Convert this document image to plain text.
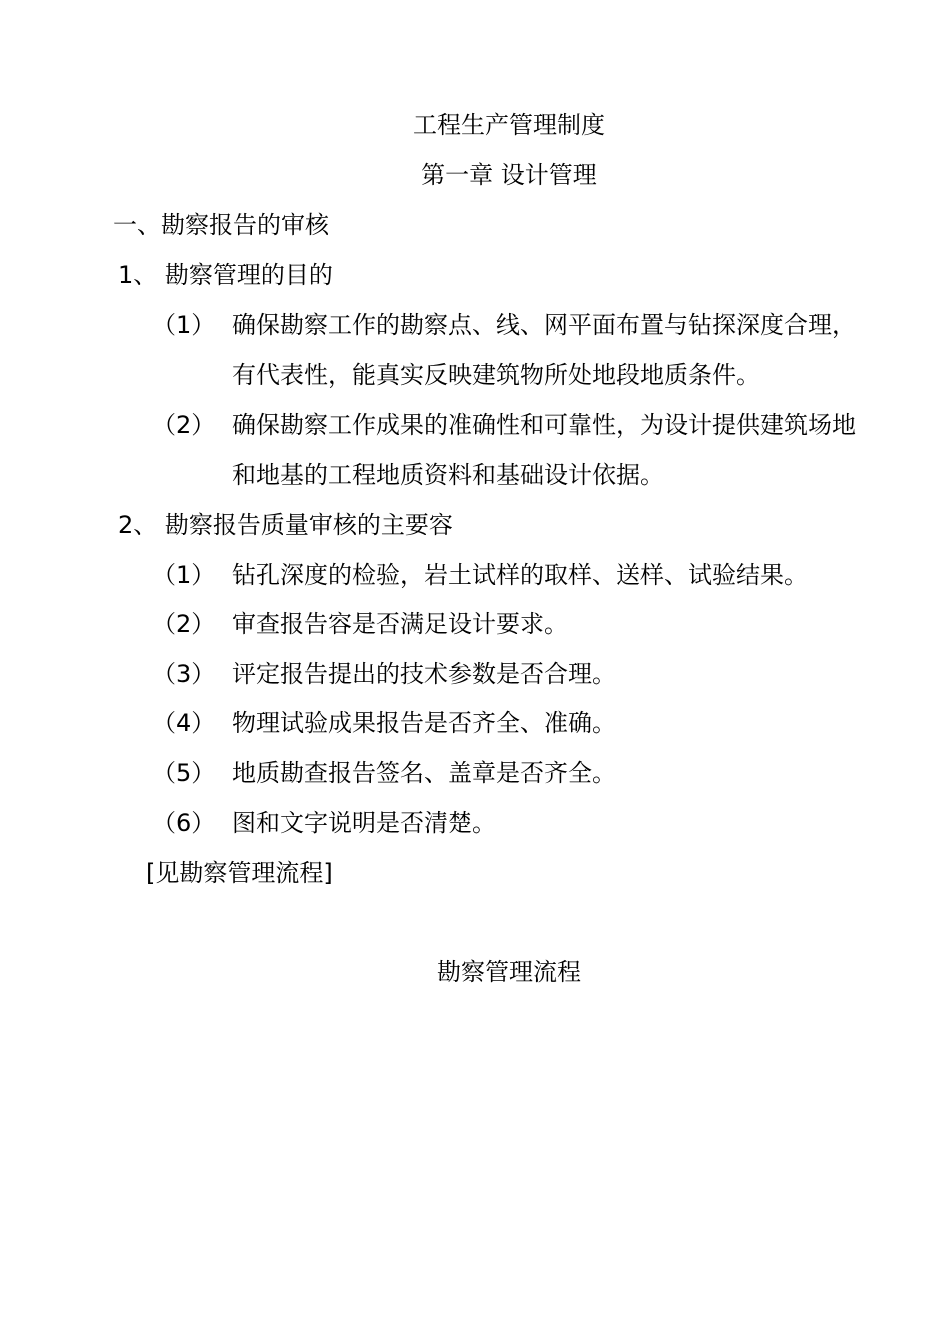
工程生产管理制度
第一章 设计管理
一、勘察报告的审核
1、 勘察管理的目的
（1） 确保勘察工作的勘察点、线、网平面布置与钻探深度合理，
有代表性，能真实反映建筑物所处地段地质条件。
（2） 确保勘察工作成果的准确性和可靠性，为设计提供建筑场地
和地基的工程地质资料和基础设计依据。
2、 勘察报告质量审核的主要容
（1） 钻孔深度的检验，岩土试样的取样、送样、试验结果。
（2） 审查报告容是否满足设计要求。
（3） 评定报告提出的技术参数是否合理。
（4） 物理试验成果报告是否齐全、准确。
（5） 地质勘查报告签名、盖章是否齐全。
（6） 图和文字说明是否清楚。
[见勘察管理流程]
勘察管理流程
